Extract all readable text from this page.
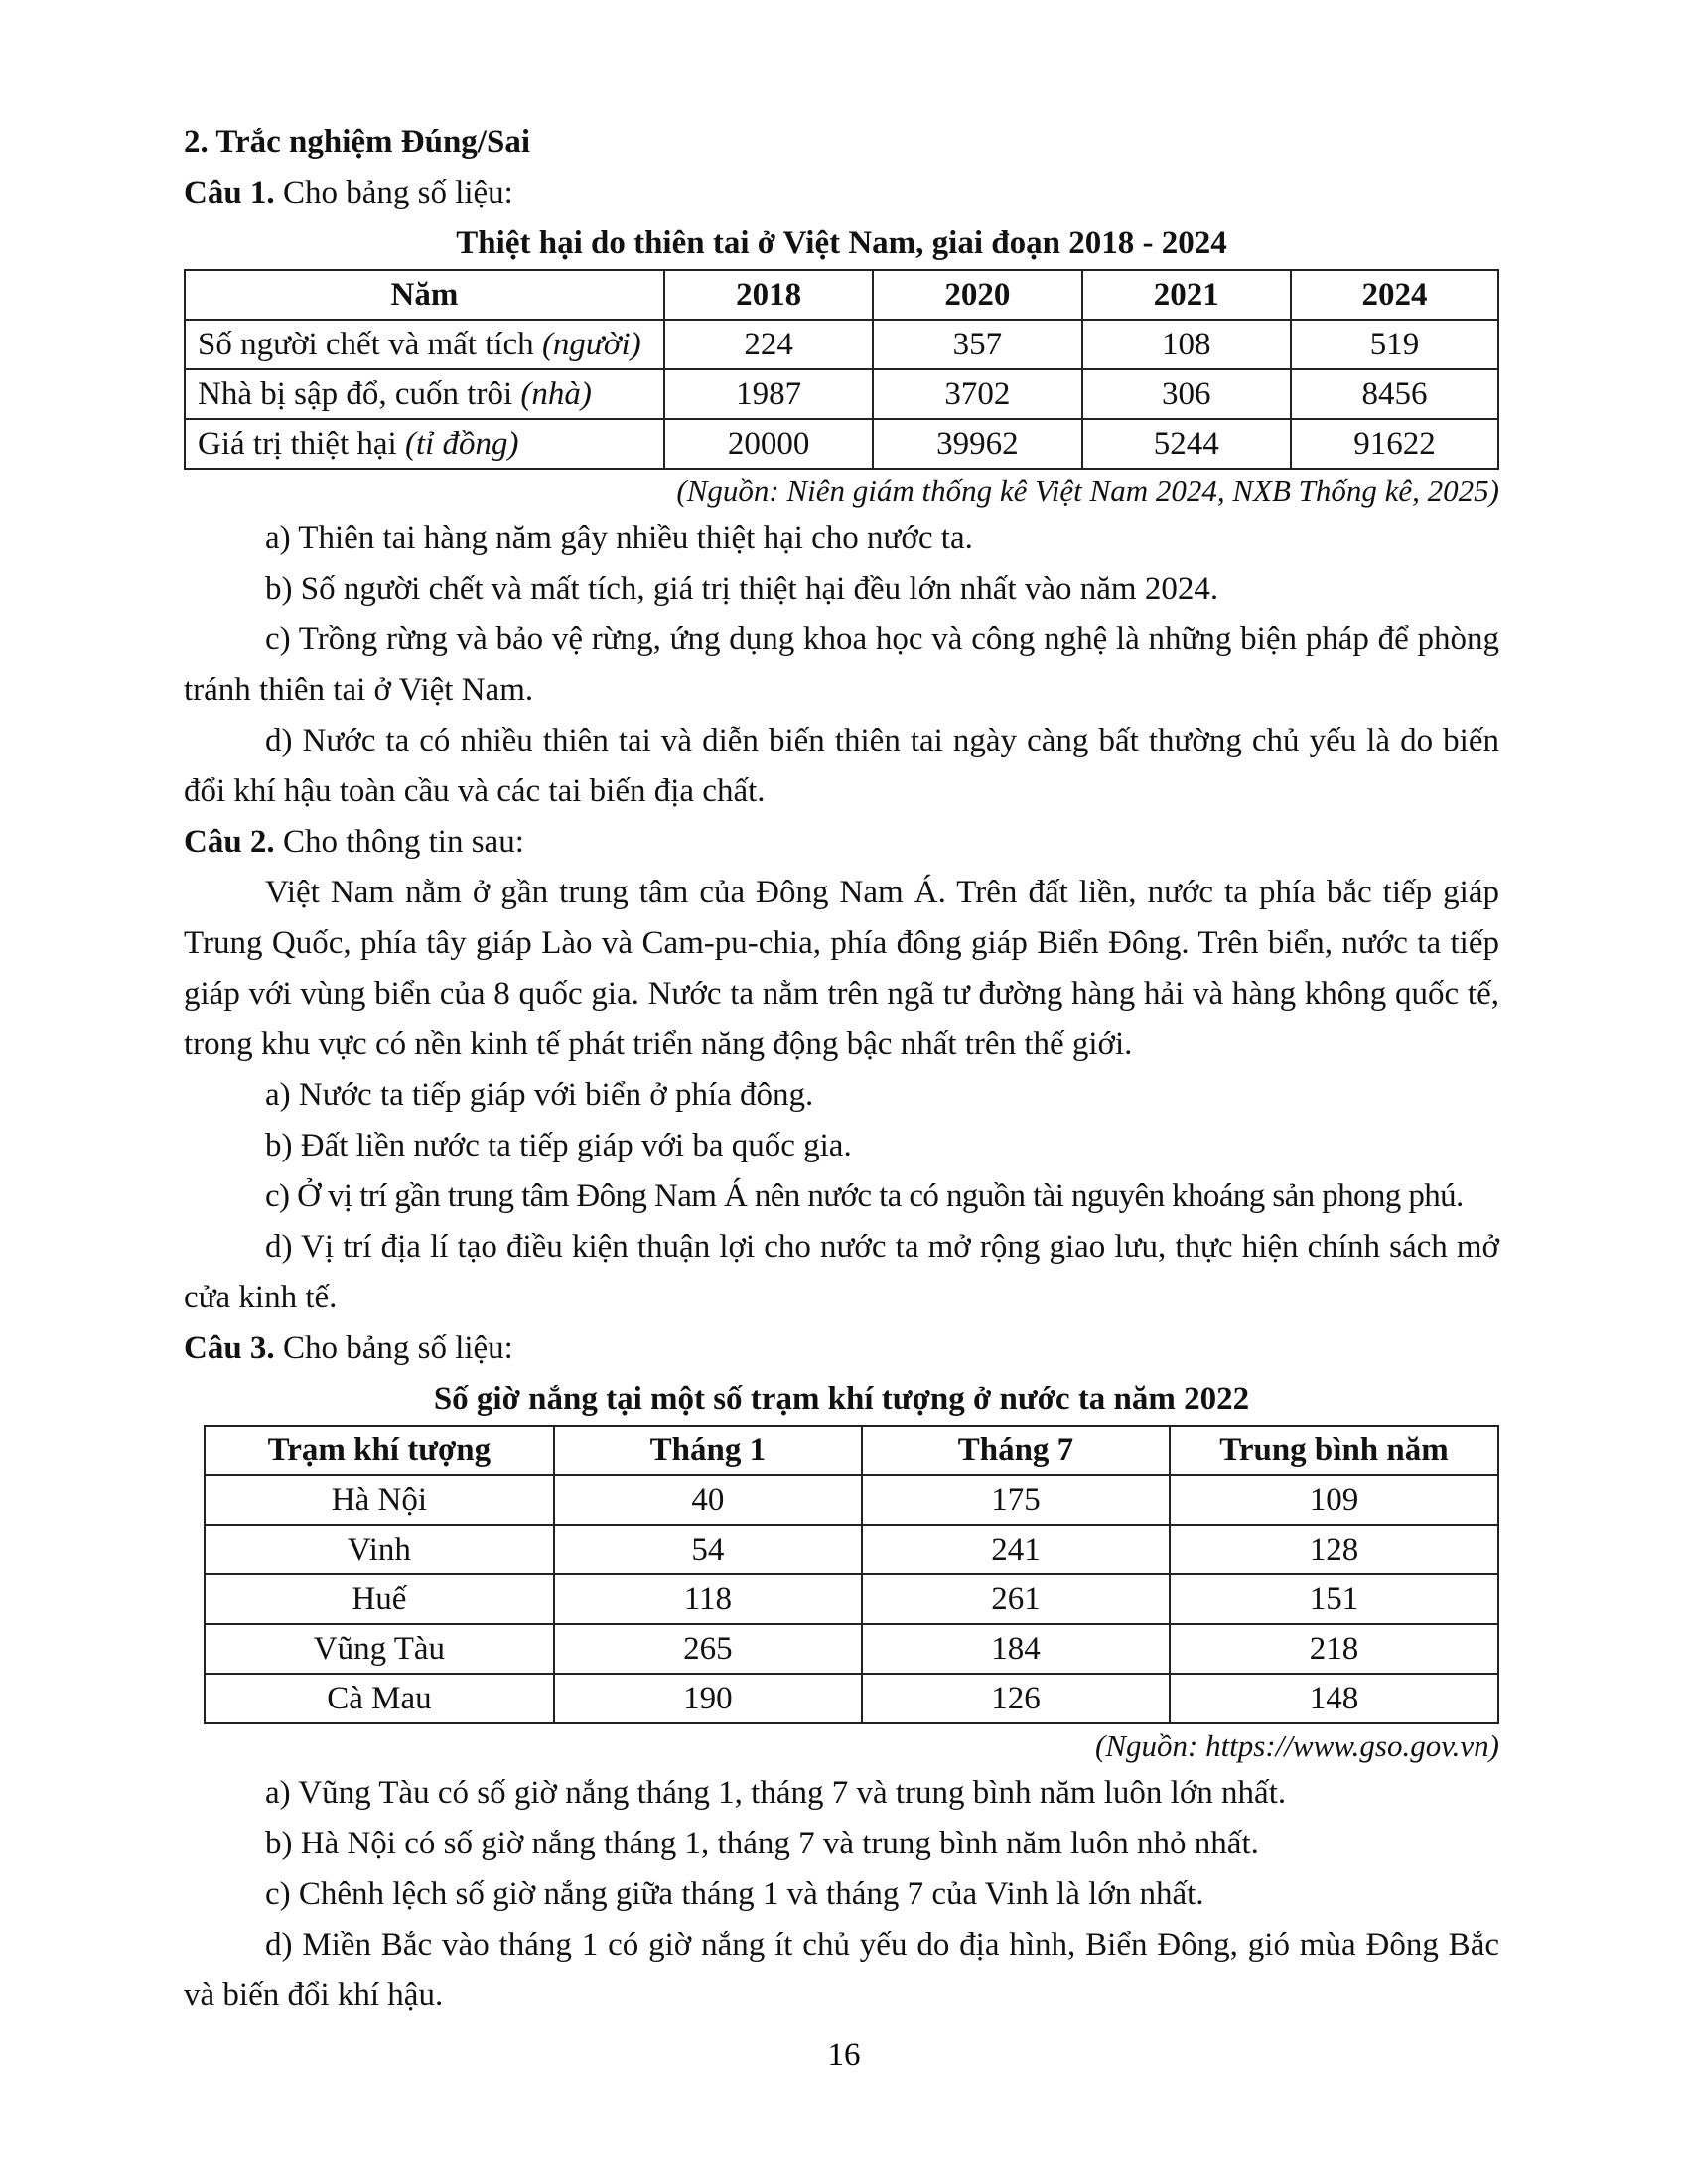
2. Trắc nghiệm Đúng/Sai

Câu 1. Cho bảng số liệu:

Thiệt hại do thiên tai ở Việt Nam, giai đoạn 2018 - 2024

Năm	2018	2020	2021	2024
Số người chết và mất tích (người)	224	357	108	519
Nhà bị sập đổ, cuốn trôi (nhà)	1987	3702	306	8456
Giá trị thiệt hại (tỉ đồng)	20000	39962	5244	91622

(Nguồn: Niên giám thống kê Việt Nam 2024, NXB Thống kê, 2025)

a) Thiên tai hàng năm gây nhiều thiệt hại cho nước ta.

b) Số người chết và mất tích, giá trị thiệt hại đều lớn nhất vào năm 2024.

c) Trồng rừng và bảo vệ rừng, ứng dụng khoa học và công nghệ là những biện pháp để phòng tránh thiên tai ở Việt Nam.

d) Nước ta có nhiều thiên tai và diễn biến thiên tai ngày càng bất thường chủ yếu là do biến đổi khí hậu toàn cầu và các tai biến địa chất.

Câu 2. Cho thông tin sau:

Việt Nam nằm ở gần trung tâm của Đông Nam Á. Trên đất liền, nước ta phía bắc tiếp giáp Trung Quốc, phía tây giáp Lào và Cam-pu-chia, phía đông giáp Biển Đông. Trên biển, nước ta tiếp giáp với vùng biển của 8 quốc gia. Nước ta nằm trên ngã tư đường hàng hải và hàng không quốc tế, trong khu vực có nền kinh tế phát triển năng động bậc nhất trên thế giới.

a) Nước ta tiếp giáp với biển ở phía đông.

b) Đất liền nước ta tiếp giáp với ba quốc gia.

c) Ở vị trí gần trung tâm Đông Nam Á nên nước ta có nguồn tài nguyên khoáng sản phong phú.

d) Vị trí địa lí tạo điều kiện thuận lợi cho nước ta mở rộng giao lưu, thực hiện chính sách mở cửa kinh tế.

Câu 3. Cho bảng số liệu:

Số giờ nắng tại một số trạm khí tượng ở nước ta năm 2022

Trạm khí tượng	Tháng 1	Tháng 7	Trung bình năm
Hà Nội	40	175	109
Vinh	54	241	128
Huế	118	261	151
Vũng Tàu	265	184	218
Cà Mau	190	126	148

(Nguồn: https://www.gso.gov.vn)

a) Vũng Tàu có số giờ nắng tháng 1, tháng 7 và trung bình năm luôn lớn nhất.

b) Hà Nội có số giờ nắng tháng 1, tháng 7 và trung bình năm luôn nhỏ nhất.

c) Chênh lệch số giờ nắng giữa tháng 1 và tháng 7 của Vinh là lớn nhất.

d) Miền Bắc vào tháng 1 có giờ nắng ít chủ yếu do địa hình, Biển Đông, gió mùa Đông Bắc và biến đổi khí hậu.

16
